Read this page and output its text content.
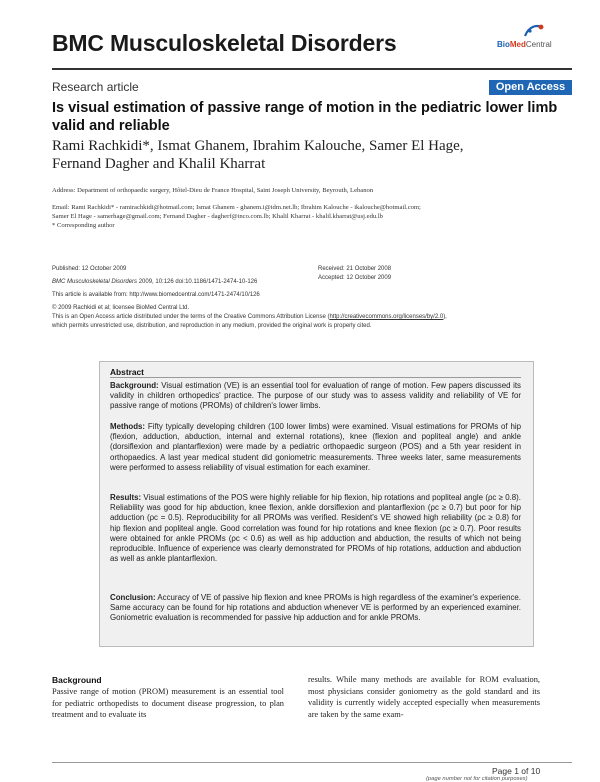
BMC Musculoskeletal Disorders	BioMedCentral
Research article	Open Access
Is visual estimation of passive range of motion in the pediatric lower limb valid and reliable
Rami Rachkidi*, Ismat Ghanem, Ibrahim Kalouche, Samer El Hage,
Fernand Dagher and Khalil Kharrat
Address: Department of orthopaedic surgery, Hôtel-Dieu de France Hospital, Saint Joseph University, Beyrouth, Lebanon
Email: Rami Rachkidi* - ramirachkidi@hotmail.com; Ismat Ghanem - ghanem.i@idm.net.lb; Ibrahim Kalouche - ikalouche@hotmail.com;
Samer El Hage - samerhage@gmail.com; Fernand Dagher - dagherf@inco.com.lb; Khalil Kharrat - khalil.kharrat@usj.edu.lb
* Corresponding author
Published: 12 October 2009
BMC Musculoskeletal Disorders 2009, 10:126 doi:10.1186/1471-2474-10-126
This article is available from: http://www.biomedcentral.com/1471-2474/10/126
© 2009 Rachkidi et al; licensee BioMed Central Ltd.
This is an Open Access article distributed under the terms of the Creative Commons Attribution License (http://creativecommons.org/licenses/by/2.0),
which permits unrestricted use, distribution, and reproduction in any medium, provided the original work is properly cited.
Received: 21 October 2008
Accepted: 12 October 2009
Abstract
Background: Visual estimation (VE) is an essential tool for evaluation of range of motion. Few papers discussed its validity in children orthopedics' practice. The purpose of our study was to assess validity and reliability of VE for passive range of motions (PROMs) of children's lower limbs.
Methods: Fifty typically developing children (100 lower limbs) were examined. Visual estimations for PROMs of hip (flexion, adduction, abduction, internal and external rotations), knee (flexion and popliteal angle) and ankle (dorsiflexion and plantarflexion) were made by a pediatric orthopaedic surgeon (POS) and a 5th year resident in orthopaedics. A last year medical student did goniometric measurements. Three weeks later, same measurements were performed to assess reliability of visual estimation for each examiner.
Results: Visual estimations of the POS were highly reliable for hip flexion, hip rotations and popliteal angle (ρc ≥ 0.8). Reliability was good for hip abduction, knee flexion, ankle dorsiflexion and plantarflexion (ρc ≥ 0.7) but poor for hip adduction (ρc = 0.5). Reproducibility for all PROMs was verified. Resident's VE showed high reliability (ρc ≥ 0.8) for hip flexion and popliteal angle. Good correlation was found for hip rotations and knee flexion (ρc ≥ 0.7). Poor results were obtained for ankle PROMs (ρc < 0.6) as well as hip adduction and abduction, the results of which not being reproducible. Influence of experience was clearly demonstrated for PROMs of hip rotations, adduction and abduction as well as ankle plantarflexion.
Conclusion: Accuracy of VE of passive hip flexion and knee PROMs is high regardless of the examiner's experience. Same accuracy can be found for hip rotations and abduction whenever VE is performed by an experienced examiner. Goniometric evaluation is recommended for passive hip adduction and for ankle PROMs.
Background
Passive range of motion (PROM) measurement is an essential tool for pediatric orthopedists to document disease progression, to plan treatment and to evaluate its
results. While many methods are available for ROM evaluation, most physicians consider goniometry as the gold standard and its validity is currently widely accepted especially when measurements are taken by the same exam-
Page 1 of 10
(page number not for citation purposes)
